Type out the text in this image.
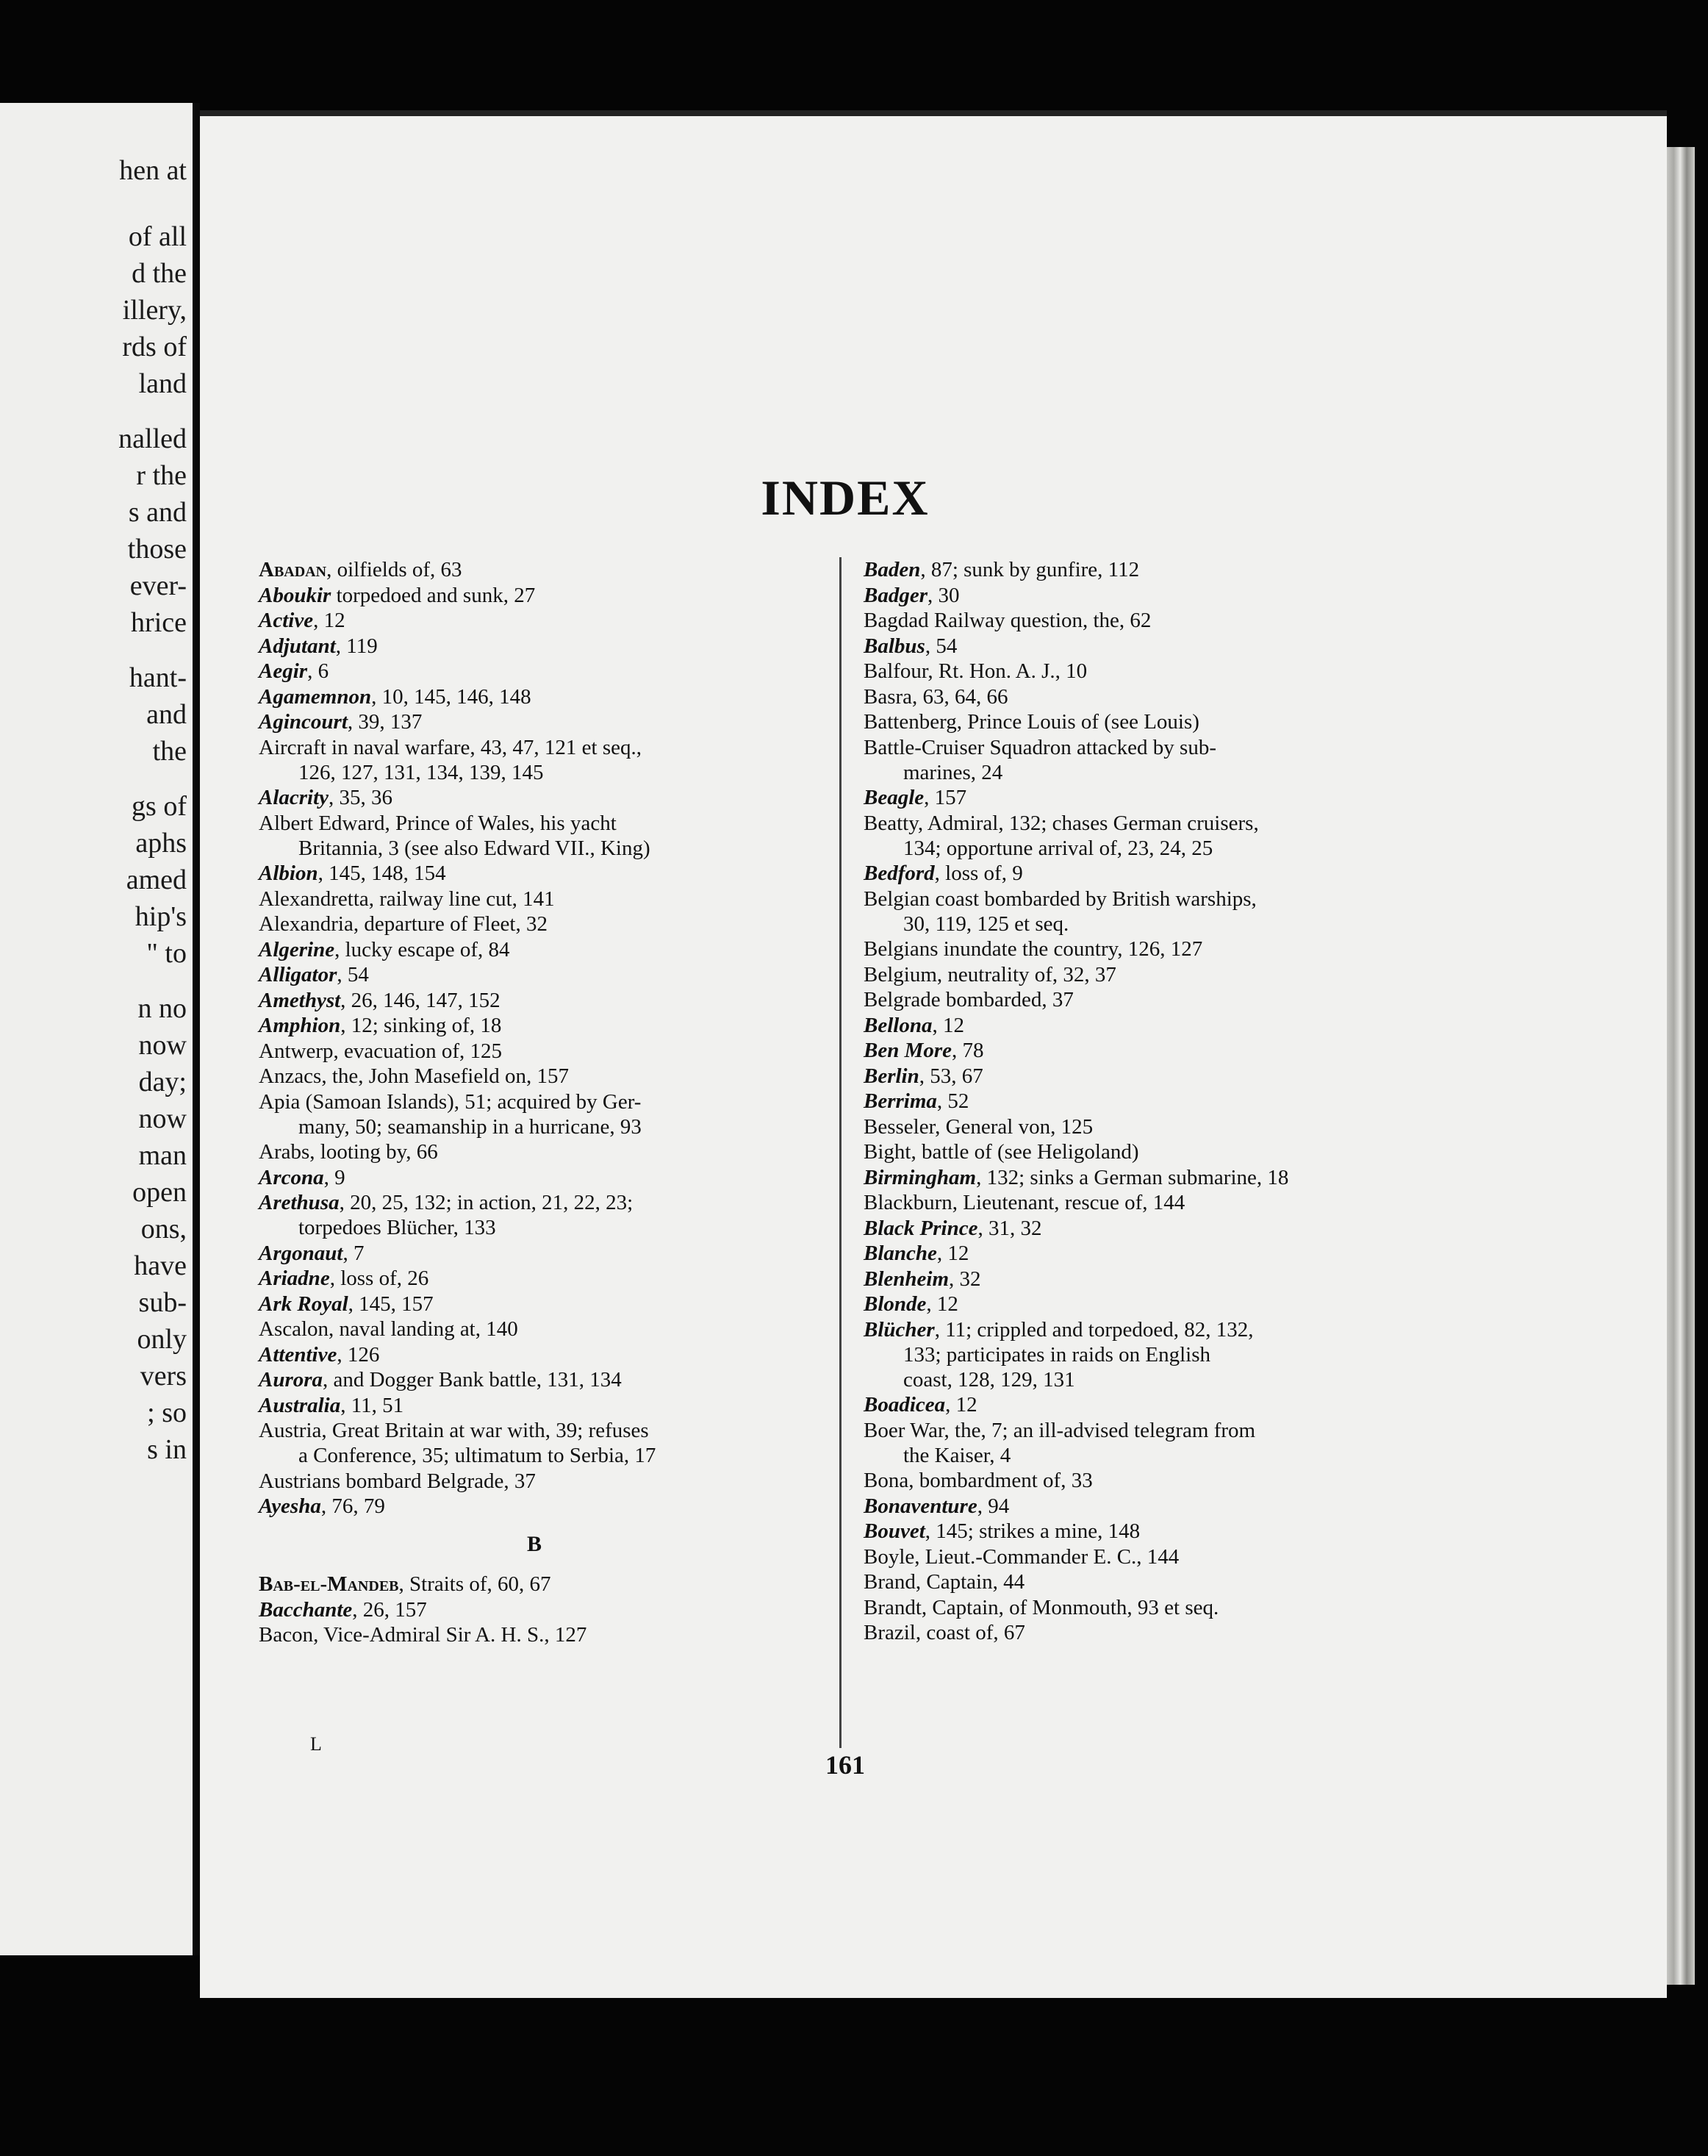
hen at
of all
d the
illery,
rds of
land
nalled
r the
s and
those
ever-
hrice
hant-
and
the
gs of
aphs
amed
hip's
" to
n no
now
day;
now
man
open
ons,
have
sub-
only
vers
; so
s in
INDEX
Abadan, oilfields of, 63
Aboukir torpedoed and sunk, 27
Active, 12
Adjutant, 119
Aegir, 6
Agamemnon, 10, 145, 146, 148
Agincourt, 39, 137
Aircraft in naval warfare, 43, 47, 121 et seq.,
126, 127, 131, 134, 139, 145
Alacrity, 35, 36
Albert Edward, Prince of Wales, his yacht
Britannia, 3 (see also Edward VII., King)
Albion, 145, 148, 154
Alexandretta, railway line cut, 141
Alexandria, departure of Fleet, 32
Algerine, lucky escape of, 84
Alligator, 54
Amethyst, 26, 146, 147, 152
Amphion, 12; sinking of, 18
Antwerp, evacuation of, 125
Anzacs, the, John Masefield on, 157
Apia (Samoan Islands), 51; acquired by Ger-
many, 50; seamanship in a hurricane, 93
Arabs, looting by, 66
Arcona, 9
Arethusa, 20, 25, 132; in action, 21, 22, 23;
torpedoes Blücher, 133
Argonaut, 7
Ariadne, loss of, 26
Ark Royal, 145, 157
Ascalon, naval landing at, 140
Attentive, 126
Aurora, and Dogger Bank battle, 131, 134
Australia, 11, 51
Austria, Great Britain at war with, 39; refuses
a Conference, 35; ultimatum to Serbia, 17
Austrians bombard Belgrade, 37
Ayesha, 76, 79
B
Bab-el-Mandeb, Straits of, 60, 67
Bacchante, 26, 157
Bacon, Vice-Admiral Sir A. H. S., 127
Baden, 87; sunk by gunfire, 112
Badger, 30
Bagdad Railway question, the, 62
Balbus, 54
Balfour, Rt. Hon. A. J., 10
Basra, 63, 64, 66
Battenberg, Prince Louis of (see Louis)
Battle-Cruiser Squadron attacked by sub-
marines, 24
Beagle, 157
Beatty, Admiral, 132; chases German cruisers,
134; opportune arrival of, 23, 24, 25
Bedford, loss of, 9
Belgian coast bombarded by British warships,
30, 119, 125 et seq.
Belgians inundate the country, 126, 127
Belgium, neutrality of, 32, 37
Belgrade bombarded, 37
Bellona, 12
Ben More, 78
Berlin, 53, 67
Berrima, 52
Besseler, General von, 125
Bight, battle of (see Heligoland)
Birmingham, 132; sinks a German submarine, 18
Blackburn, Lieutenant, rescue of, 144
Black Prince, 31, 32
Blanche, 12
Blenheim, 32
Blonde, 12
Blücher, 11; crippled and torpedoed, 82, 132,
133; participates in raids on English
coast, 128, 129, 131
Boadicea, 12
Boer War, the, 7; an ill-advised telegram from
the Kaiser, 4
Bona, bombardment of, 33
Bonaventure, 94
Bouvet, 145; strikes a mine, 148
Boyle, Lieut.-Commander E. C., 144
Brand, Captain, 44
Brandt, Captain, of Monmouth, 93 et seq.
Brazil, coast of, 67
L
161
